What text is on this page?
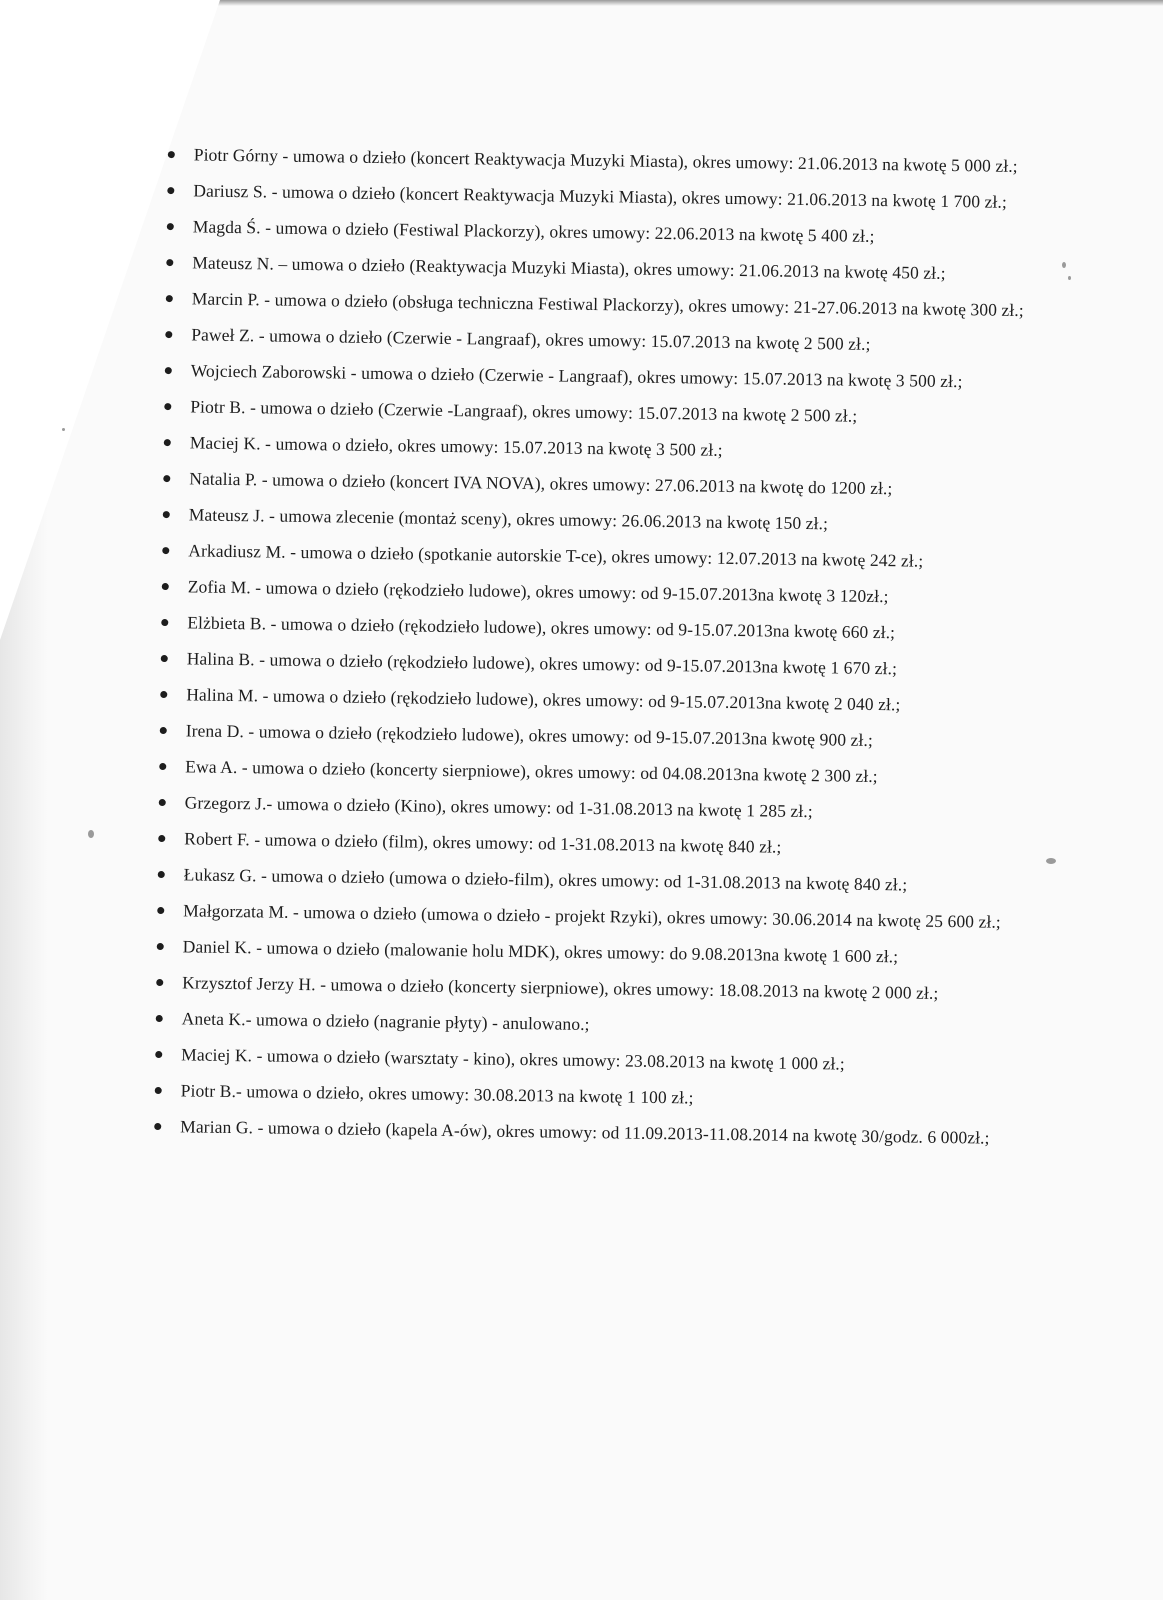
Piotr Górny - umowa o dzieło (koncert Reaktywacja Muzyki Miasta), okres umowy: 21.06.2013 na kwotę 5 000 zł.;
Dariusz S. - umowa o dzieło (koncert Reaktywacja Muzyki Miasta), okres umowy: 21.06.2013 na kwotę 1 700 zł.;
Magda Ś. - umowa o dzieło (Festiwal Plackorzy), okres umowy: 22.06.2013 na kwotę 5 400 zł.;
Mateusz N. – umowa o dzieło (Reaktywacja Muzyki Miasta), okres umowy: 21.06.2013 na kwotę 450 zł.;
Marcin P. - umowa o dzieło (obsługa techniczna Festiwal Plackorzy), okres umowy: 21-27.06.2013 na kwotę 300 zł.;
Paweł Z. - umowa o dzieło (Czerwie - Langraaf), okres umowy: 15.07.2013 na kwotę 2 500 zł.;
Wojciech Zaborowski - umowa o dzieło (Czerwie - Langraaf), okres umowy: 15.07.2013 na kwotę 3 500 zł.;
Piotr B. - umowa o dzieło (Czerwie -Langraaf), okres umowy: 15.07.2013 na kwotę 2 500 zł.;
Maciej K. - umowa o dzieło, okres umowy: 15.07.2013 na kwotę 3 500 zł.;
Natalia P. - umowa o dzieło (koncert IVA NOVA), okres umowy: 27.06.2013 na kwotę do 1200 zł.;
Mateusz J. - umowa zlecenie (montaż sceny), okres umowy: 26.06.2013 na kwotę 150 zł.;
Arkadiusz M. - umowa o dzieło (spotkanie autorskie T-ce), okres umowy: 12.07.2013 na kwotę 242 zł.;
Zofia M. - umowa o dzieło (rękodzieło ludowe), okres umowy: od 9-15.07.2013na kwotę 3 120zł.;
Elżbieta B. - umowa o dzieło (rękodzieło ludowe), okres umowy: od 9-15.07.2013na kwotę 660 zł.;
Halina B. - umowa o dzieło (rękodzieło ludowe), okres umowy: od 9-15.07.2013na kwotę 1 670 zł.;
Halina M. - umowa o dzieło (rękodzieło ludowe), okres umowy: od 9-15.07.2013na kwotę 2 040 zł.;
Irena D. - umowa o dzieło (rękodzieło ludowe), okres umowy: od 9-15.07.2013na kwotę 900 zł.;
Ewa A. - umowa o dzieło (koncerty sierpniowe), okres umowy: od 04.08.2013na kwotę 2 300 zł.;
Grzegorz J.- umowa o dzieło (Kino), okres umowy: od 1-31.08.2013 na kwotę 1 285 zł.;
Robert F. - umowa o dzieło (film), okres umowy: od 1-31.08.2013 na kwotę 840 zł.;
Łukasz G. - umowa o dzieło (umowa o dzieło-film), okres umowy: od 1-31.08.2013 na kwotę 840 zł.;
Małgorzata M. - umowa o dzieło (umowa o dzieło - projekt Rzyki), okres umowy: 30.06.2014 na kwotę 25 600 zł.;
Daniel K. - umowa o dzieło (malowanie holu MDK), okres umowy: do 9.08.2013na kwotę 1 600 zł.;
Krzysztof Jerzy H. - umowa o dzieło (koncerty sierpniowe), okres umowy: 18.08.2013 na kwotę 2 000 zł.;
Aneta K.- umowa o dzieło (nagranie płyty) - anulowano.;
Maciej K. - umowa o dzieło (warsztaty - kino), okres umowy: 23.08.2013 na kwotę 1 000 zł.;
Piotr B.- umowa o dzieło, okres umowy: 30.08.2013 na kwotę 1 100 zł.;
Marian G. - umowa o dzieło (kapela A-ów), okres umowy: od 11.09.2013-11.08.2014 na kwotę 30/godz. 6 000zł.;
